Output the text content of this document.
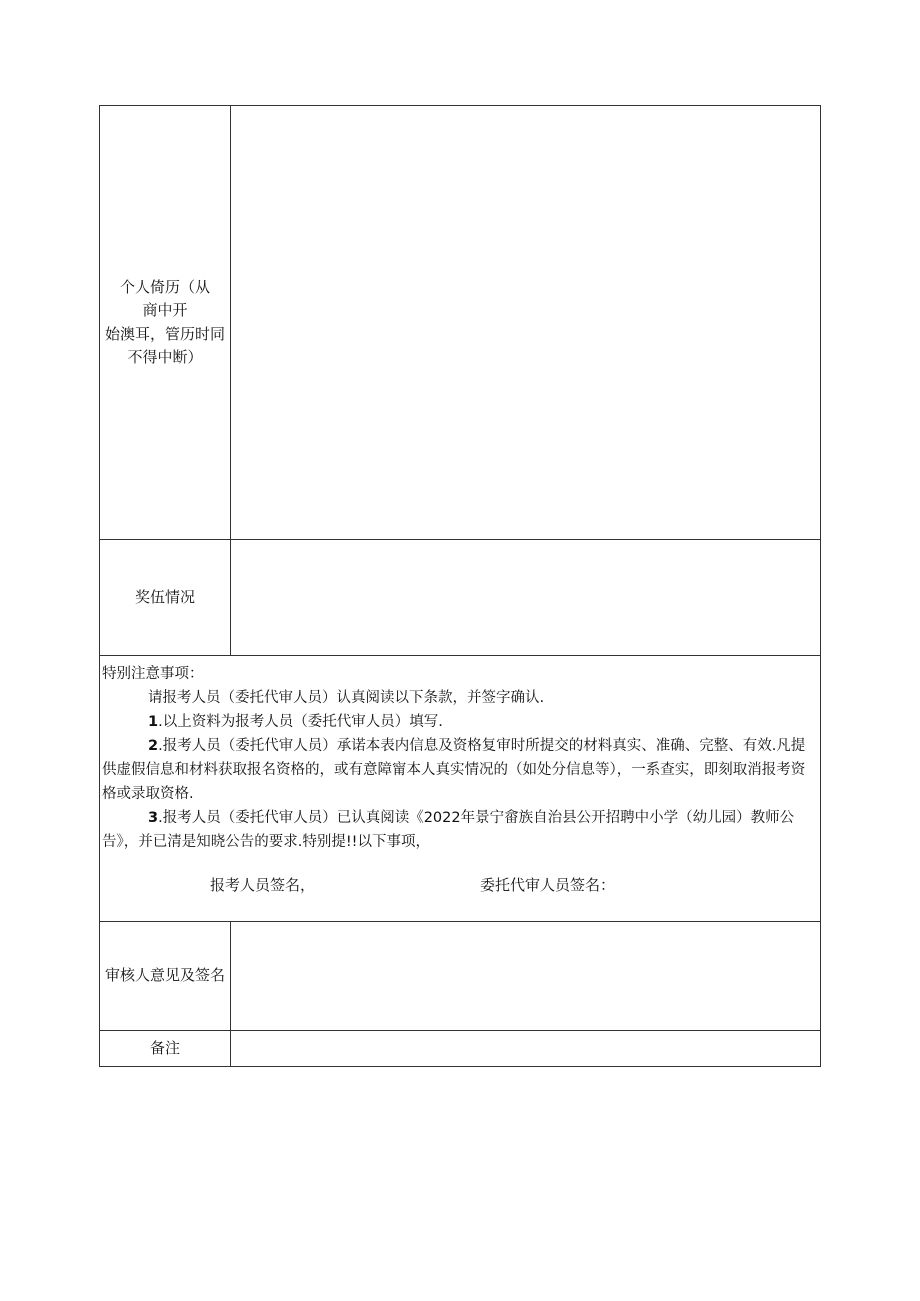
个人倚历（从
商中开
始澳耳，管历时同
不得中断）
奖伍情况

特别注意事项：

请报考人员（委托代审人员）认真阅读以下条款，并签字确认.

1.以上资料为报考人员（委托代审人员）填写.

2.报考人员（委托代审人员）承诺本表内信息及资格复审时所提交的材料真实、准确、完整、有效.凡提供虚假信息和材料获取报名资格的，或有意障甯本人真实情况的（如处分信息等），一系查实，即刻取消报考资格或录取资格.

3.报考人员（委托代审人员）已认真阅读《2022年景宁畲族自治县公开招聘中小学（幼儿园）教师公告》，并已清是知晓公告的要求.特别提!!以下事项，

报考人员签名，	委托代审人员签名：
审核人意见及签名
备注
